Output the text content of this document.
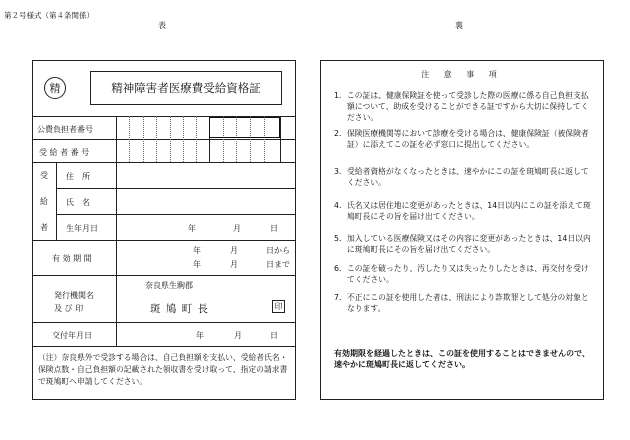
第２号様式（第４条関係）
表	裏
精	精神障害者医療費受給資格証
公費負担者番号
受 給 者 番 号
受
給
者
住　所
氏　名
生年月日	年	月	日
有 効 期 間
年	月	日から
年	月	日まで
発行機関名
及 び 印
奈良県生駒郡
斑 鳩 町 長	印
交付年月日	年	月	日
（注）奈良県外で受診する場合は、自己負担額を支払い、受給者氏名・保険点数・自己負担額の記載された領収書を受け取って、指定の請求書で斑鳩町へ申請してください。
注 意 事 項
1． この証は、健康保険証を使って受診した際の医療に係る自己負担支払額について、助成を受けることができる証ですから大切に保持してください。
2． 保険医療機関等において診療を受ける場合は、健康保険証（被保険者証）に添えてこの証を必ず窓口に提出してください。
3． 受給者資格がなくなったときは、速やかにこの証を斑鳩町長に返してください。
4． 氏名又は居住地に変更があったときは、14日以内にこの証を添えて斑鳩町長にその旨を届け出てください。
5． 加入している医療保険又はその内容に変更があったときは、14日以内に斑鳩町長にその旨を届け出てください。
6． この証を破ったり、汚したり又は失ったりしたときは、再交付を受けてください。
7． 不正にこの証を使用した者は、刑法により詐欺罪として処分の対象となります。
有効期限を経過したときは、この証を使用することはできませんので、速やかに斑鳩町長に返してください。
